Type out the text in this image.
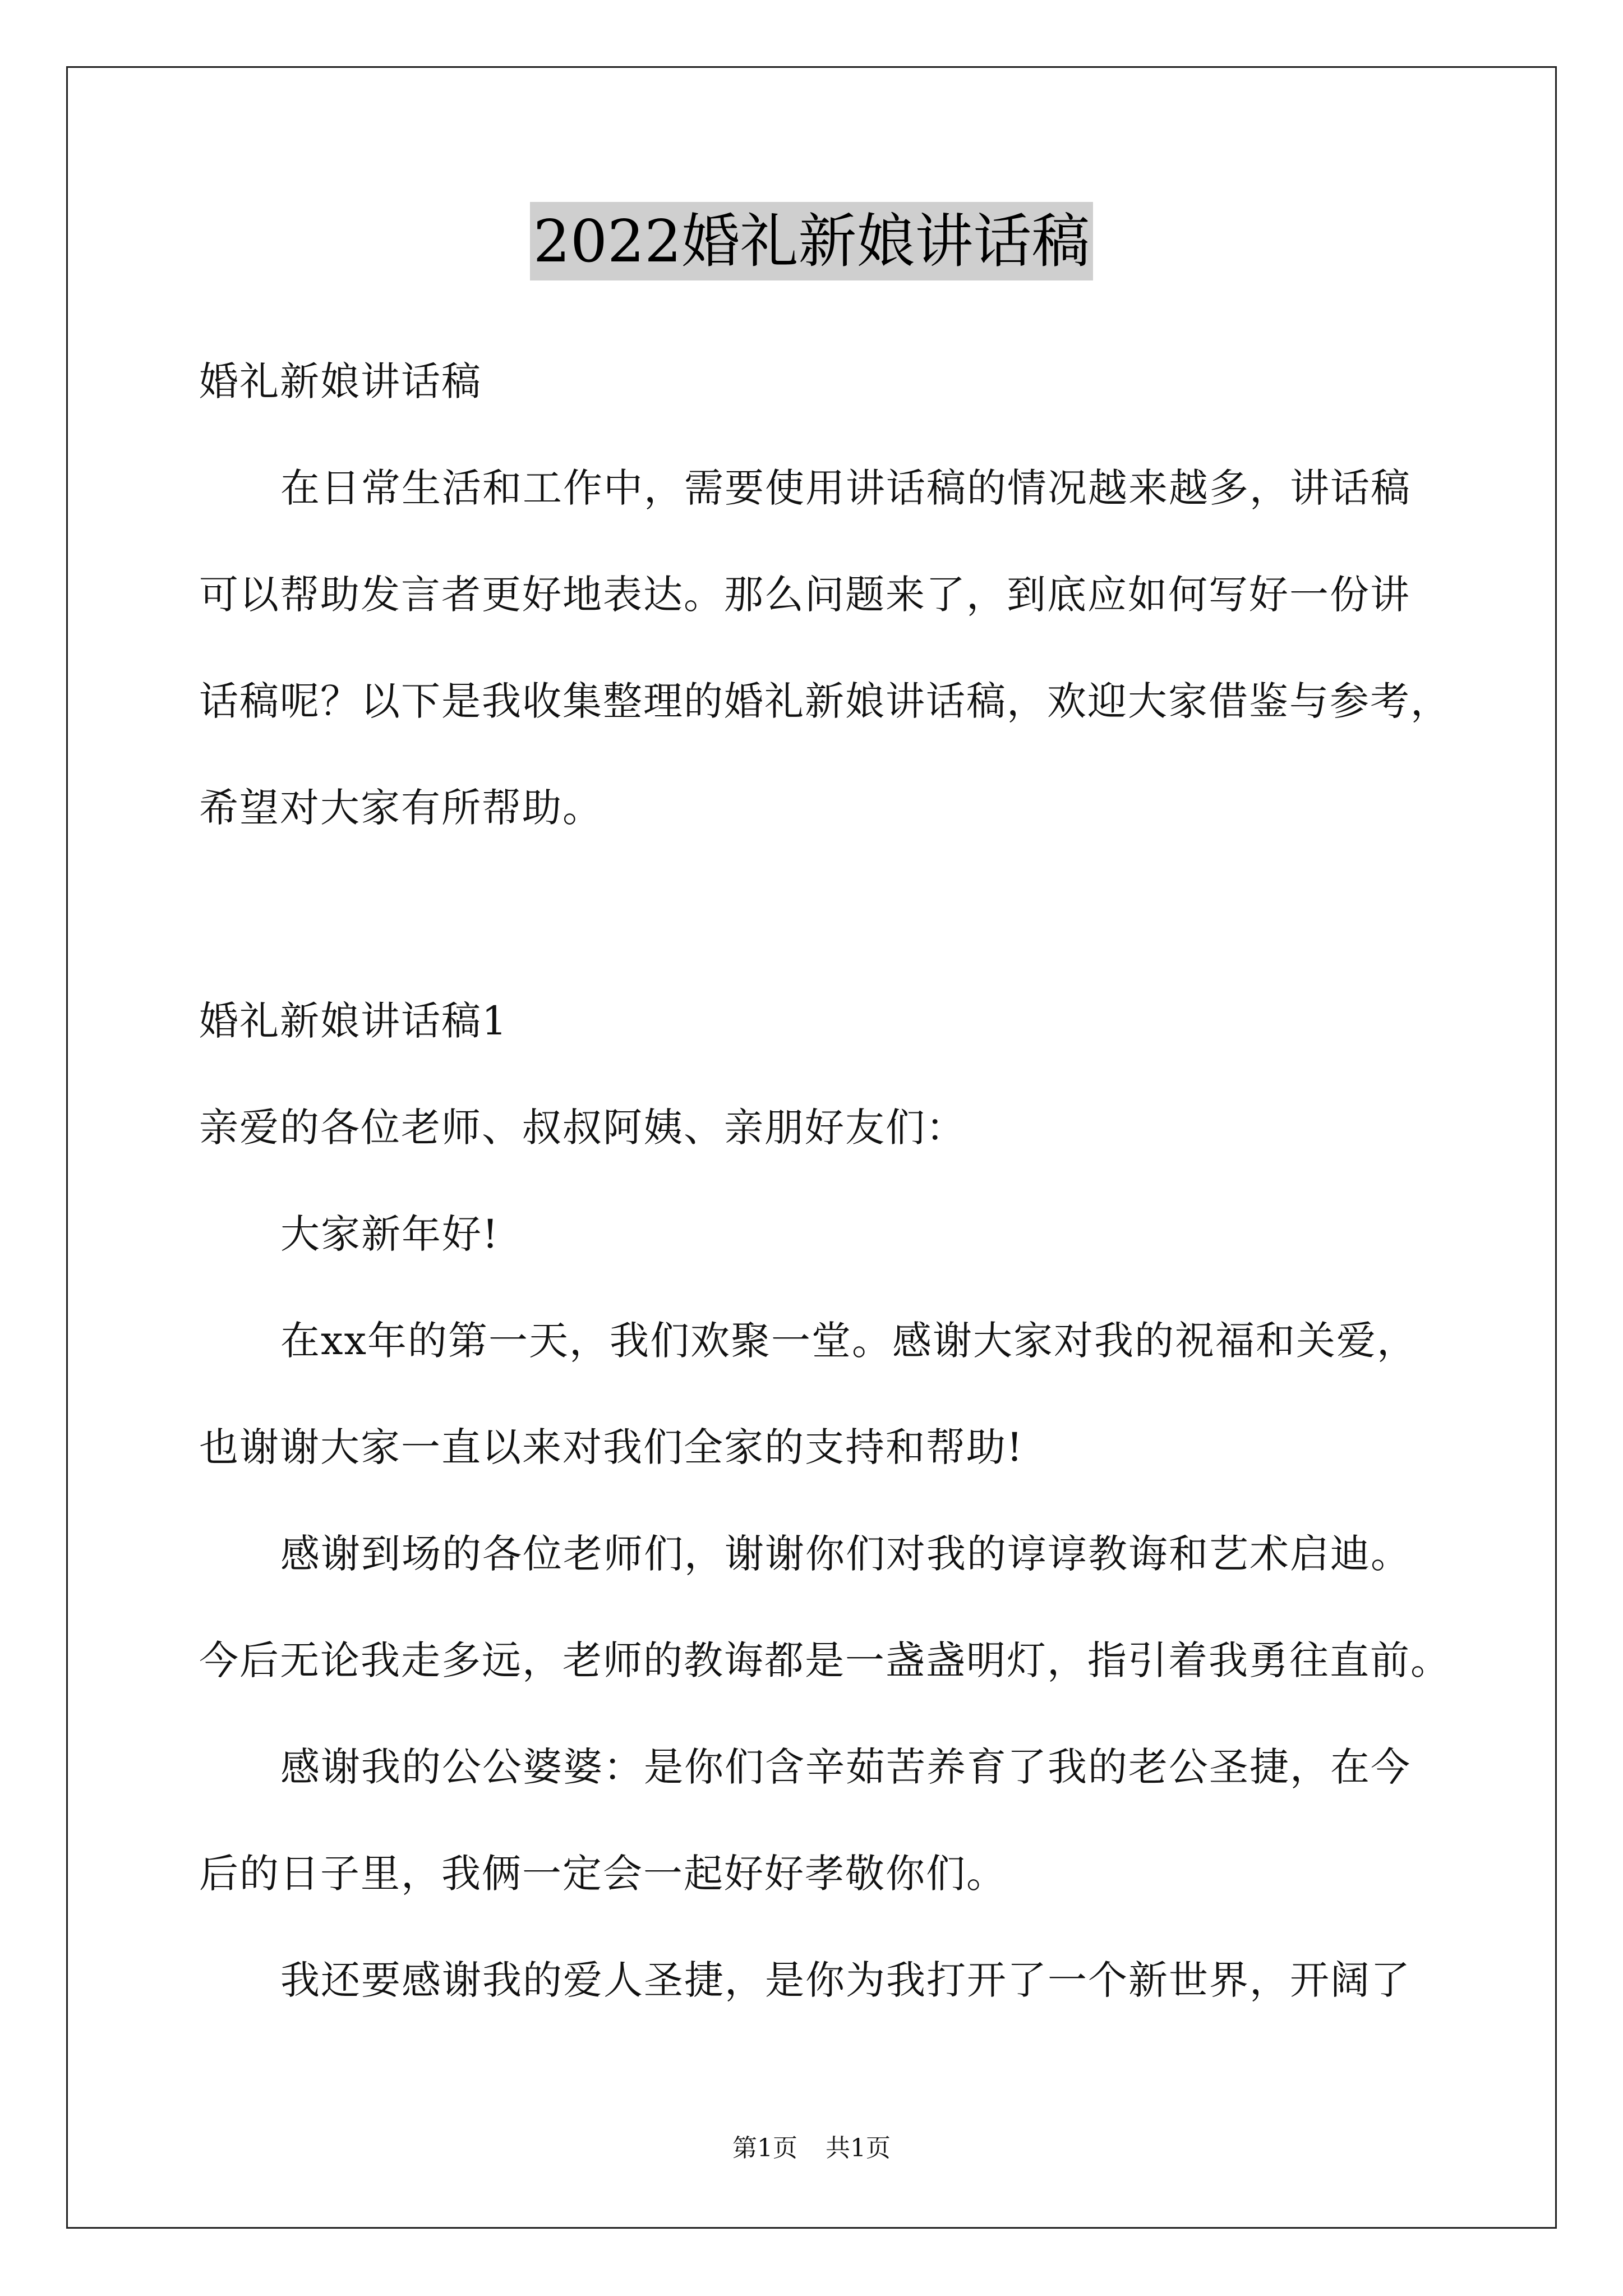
2022婚礼新娘讲话稿
婚礼新娘讲话稿
在日常生活和工作中，需要使用讲话稿的情况越来越多，讲话稿
可以帮助发言者更好地表达。那么问题来了，到底应如何写好一份讲
话稿呢？以下是我收集整理的婚礼新娘讲话稿，欢迎大家借鉴与参考，
希望对大家有所帮助。
婚礼新娘讲话稿1
亲爱的各位老师、叔叔阿姨、亲朋好友们：
大家新年好!
在xx年的第一天，我们欢聚一堂。感谢大家对我的祝福和关爱，
也谢谢大家一直以来对我们全家的支持和帮助!
感谢到场的各位老师们，谢谢你们对我的谆谆教诲和艺术启迪。
今后无论我走多远，老师的教诲都是一盏盏明灯，指引着我勇往直前。
感谢我的公公婆婆：是你们含辛茹苦养育了我的老公圣捷，在今
后的日子里，我俩一定会一起好好孝敬你们。
我还要感谢我的爱人圣捷，是你为我打开了一个新世界，开阔了
第1页 共1页
